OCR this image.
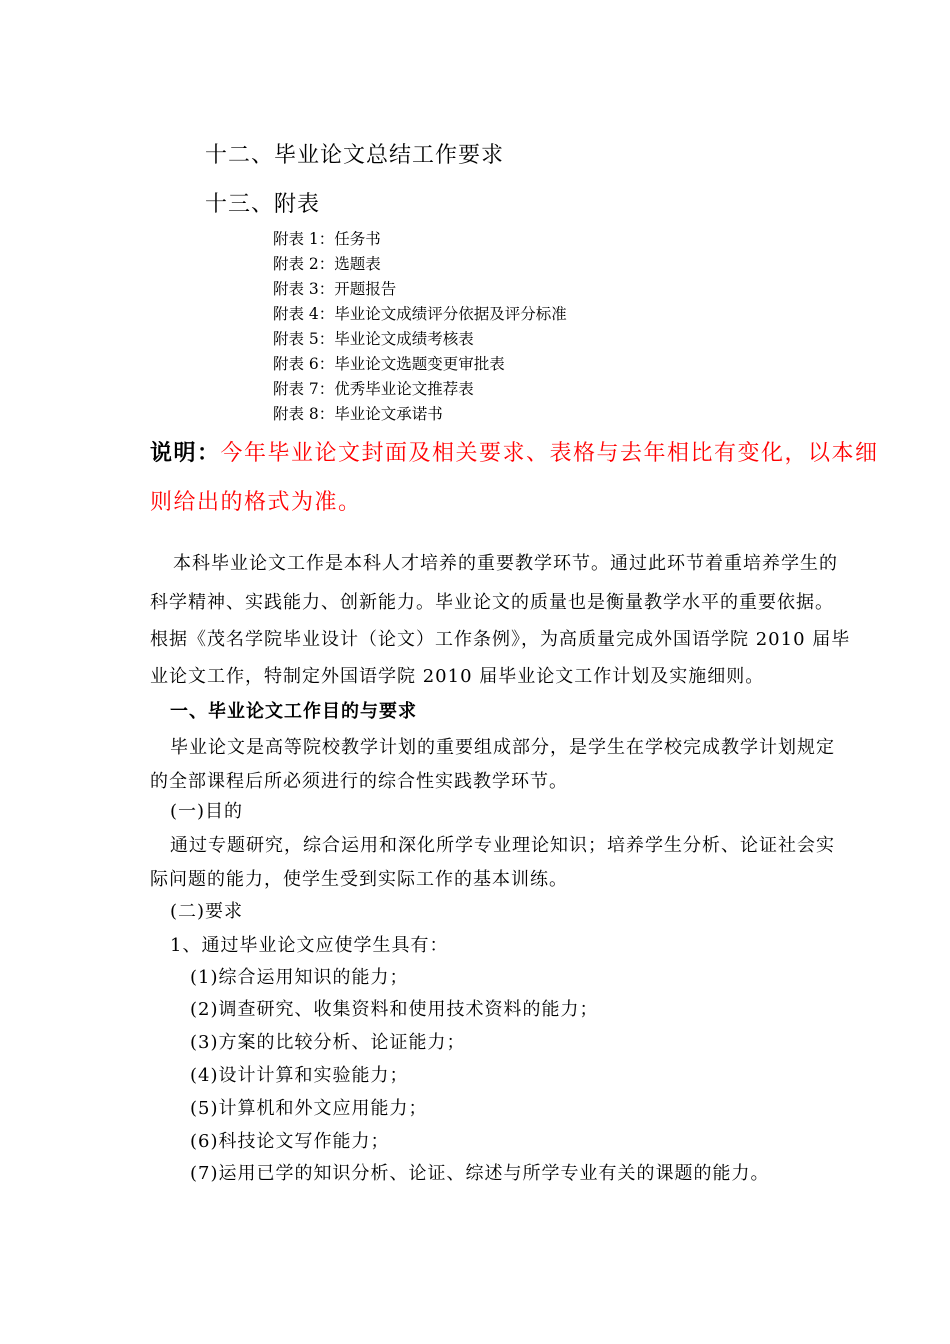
十二、毕业论文总结工作要求

十三、附表

附表 1：任务书

附表 2：选题表

附表 3：开题报告

附表 4：毕业论文成绩评分依据及评分标准

附表 5：毕业论文成绩考核表

附表 6：毕业论文选题变更审批表

附表 7：优秀毕业论文推荐表

附表 8：毕业论文承诺书

说明：今年毕业论文封面及相关要求、表格与去年相比有变化，以本细

则给出的格式为准。

本科毕业论文工作是本科人才培养的重要教学环节。通过此环节着重培养学生的

科学精神、实践能力、创新能力。毕业论文的质量也是衡量教学水平的重要依据。

根据《茂名学院毕业设计（论文）工作条例》，为高质量完成外国语学院 2010 届毕

业论文工作，特制定外国语学院 2010 届毕业论文工作计划及实施细则。

一、毕业论文工作目的与要求

毕业论文是高等院校教学计划的重要组成部分，是学生在学校完成教学计划规定

的全部课程后所必须进行的综合性实践教学环节。

(一)目的

通过专题研究，综合运用和深化所学专业理论知识；培养学生分析、论证社会实

际问题的能力，使学生受到实际工作的基本训练。

(二)要求

1、通过毕业论文应使学生具有：

(1)综合运用知识的能力；

(2)调查研究、收集资料和使用技术资料的能力；

(3)方案的比较分析、论证能力；

(4)设计计算和实验能力；

(5)计算机和外文应用能力；

(6)科技论文写作能力；

(7)运用已学的知识分析、论证、综述与所学专业有关的课题的能力。
